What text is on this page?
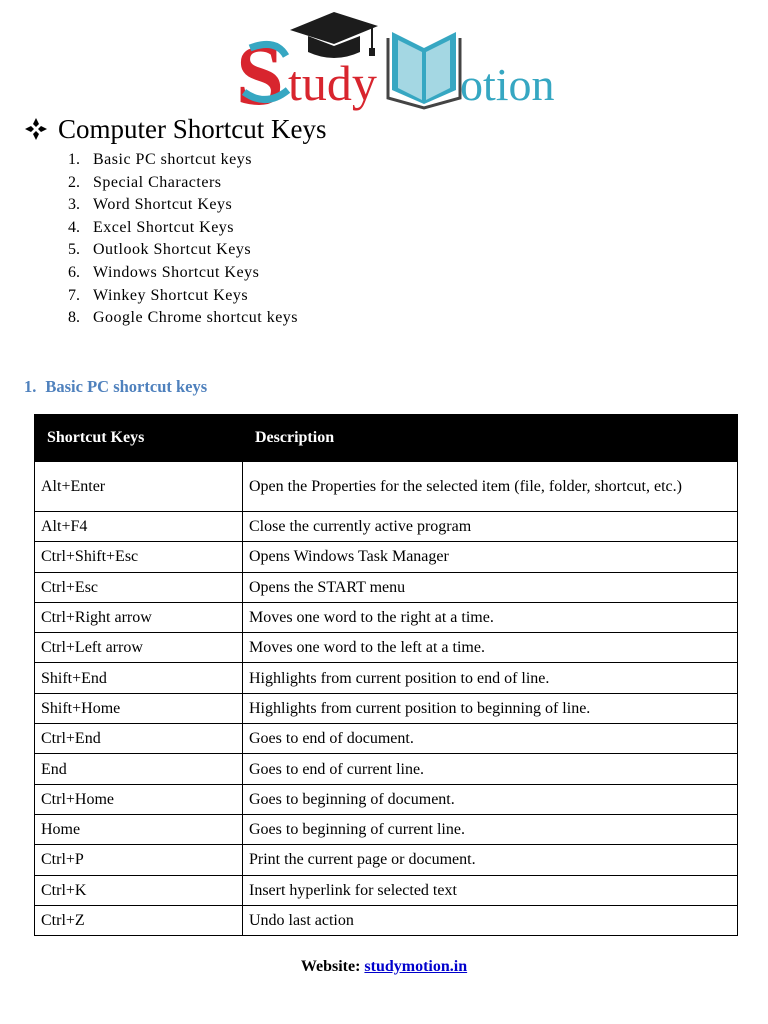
S tudy otion
Computer Shortcut Keys
1. Basic PC shortcut keys
2. Special Characters
3. Word Shortcut Keys
4. Excel Shortcut Keys
5. Outlook Shortcut Keys
6. Windows Shortcut Keys
7. Winkey Shortcut Keys
8. Google Chrome shortcut keys
1. Basic PC shortcut keys
Shortcut Keys	Description
Alt+Enter	Open the Properties for the selected item (file, folder, shortcut, etc.)
Alt+F4	Close the currently active program
Ctrl+Shift+Esc	Opens Windows Task Manager
Ctrl+Esc	Opens the START menu
Ctrl+Right arrow	Moves one word to the right at a time.
Ctrl+Left arrow	Moves one word to the left at a time.
Shift+End	Highlights from current position to end of line.
Shift+Home	Highlights from current position to beginning of line.
Ctrl+End	Goes to end of document.
End	Goes to end of current line.
Ctrl+Home	Goes to beginning of document.
Home	Goes to beginning of current line.
Ctrl+P	Print the current page or document.
Ctrl+K	Insert hyperlink for selected text
Ctrl+Z	Undo last action
Website: studymotion.in
